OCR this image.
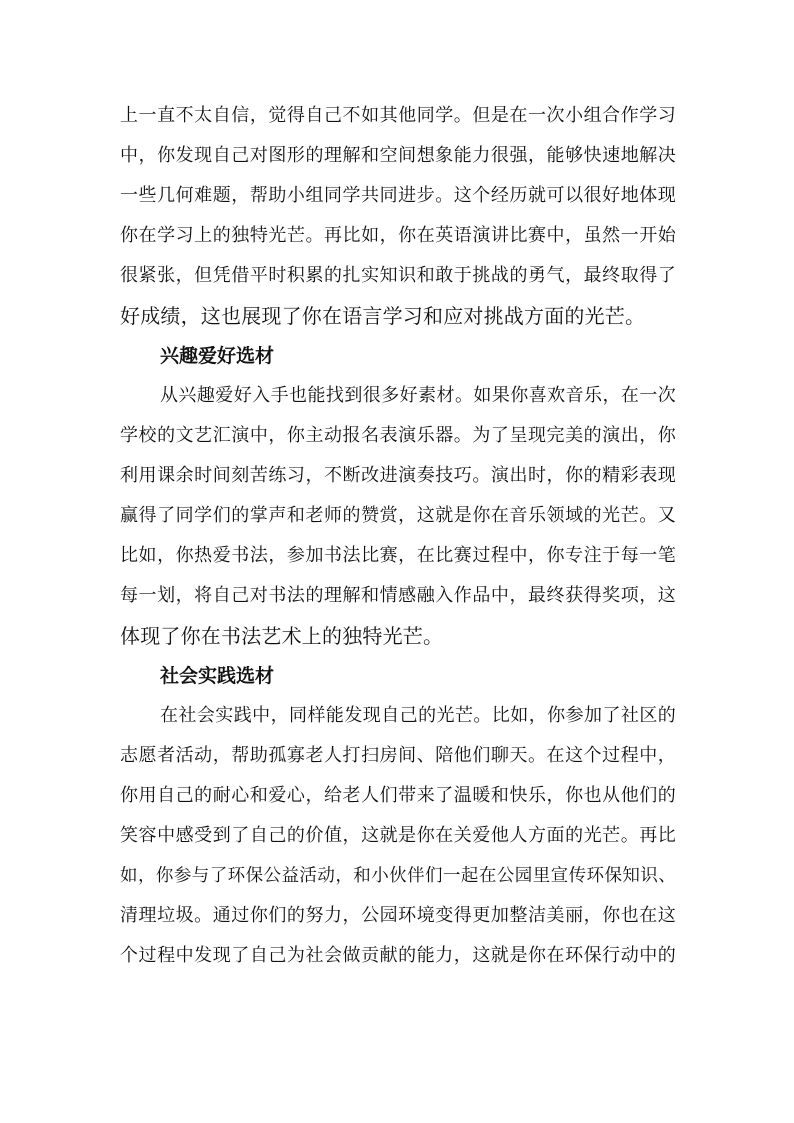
上一直不太自信，觉得自己不如其他同学。但是在一次小组合作学习
中，你发现自己对图形的理解和空间想象能力很强，能够快速地解决
一些几何难题，帮助小组同学共同进步。这个经历就可以很好地体现
你在学习上的独特光芒。再比如，你在英语演讲比赛中，虽然一开始
很紧张，但凭借平时积累的扎实知识和敢于挑战的勇气，最终取得了
好成绩，这也展现了你在语言学习和应对挑战方面的光芒。
兴趣爱好选材
从兴趣爱好入手也能找到很多好素材。如果你喜欢音乐，在一次
学校的文艺汇演中，你主动报名表演乐器。为了呈现完美的演出，你
利用课余时间刻苦练习，不断改进演奏技巧。演出时，你的精彩表现
赢得了同学们的掌声和老师的赞赏，这就是你在音乐领域的光芒。又
比如，你热爱书法，参加书法比赛，在比赛过程中，你专注于每一笔
每一划，将自己对书法的理解和情感融入作品中，最终获得奖项，这
体现了你在书法艺术上的独特光芒。
社会实践选材
在社会实践中，同样能发现自己的光芒。比如，你参加了社区的
志愿者活动，帮助孤寡老人打扫房间、陪他们聊天。在这个过程中，
你用自己的耐心和爱心，给老人们带来了温暖和快乐，你也从他们的
笑容中感受到了自己的价值，这就是你在关爱他人方面的光芒。再比
如，你参与了环保公益活动，和小伙伴们一起在公园里宣传环保知识、
清理垃圾。通过你们的努力，公园环境变得更加整洁美丽，你也在这
个过程中发现了自己为社会做贡献的能力，这就是你在环保行动中的
